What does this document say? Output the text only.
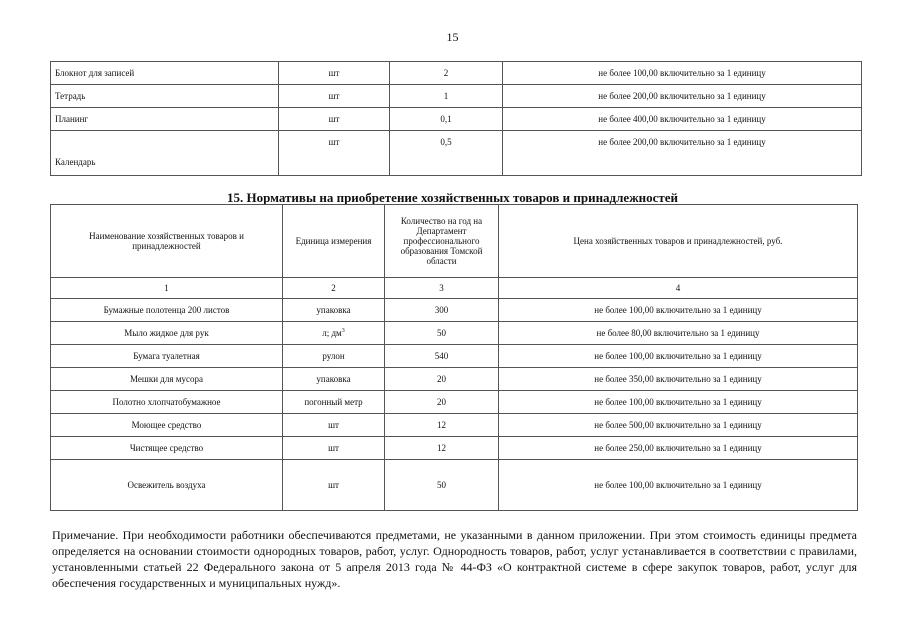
15
Блокнот для записей	шт	2	не более 100,00 включительно за 1 единицу
Тетрадь	шт	1	не более 200,00 включительно за 1 единицу
Планинг	шт	0,1	не более 400,00 включительно за 1 единицу
Календарь	шт	0,5	не более 200,00 включительно за 1 единицу
15. Нормативы на приобретение хозяйственных товаров и принадлежностей
Наименование хозяйственных товаров и принадлежностей	Единица измерения	Количество на год на Департамент профессионального образования Томской области	Цена хозяйственных товаров и принадлежностей, руб.
1	2	3	4
Бумажные полотенца 200 листов	упаковка	300	не более 100,00 включительно за 1 единицу
Мыло жидкое для рук	л; $дм^3$	50	не более 80,00 включительно за 1 единицу
Бумага туалетная	рулон	540	не более 100,00 включительно за 1 единицу
Мешки для мусора	упаковка	20	не более 350,00 включительно за 1 единицу
Полотно хлопчатобумажное	погонный метр	20	не более 100,00 включительно за 1 единицу
Моющее средство	шт	12	не более 500,00 включительно за 1 единицу
Чистящее средство	шт	12	не более 250,00 включительно за 1 единицу
Освежитель воздуха	шт	50	не более 100,00 включительно за 1 единицу
Примечание. При необходимости работники обеспечиваются предметами, не указанными в данном приложении. При этом стоимость единицы предмета определяется на основании стоимости однородных товаров, работ, услуг. Однородность товаров, работ, услуг устанавливается в соответствии с правилами, установленными статьей 22 Федерального закона от 5 апреля 2013 года № 44-ФЗ «О контрактной системе в сфере закупок товаров, работ, услуг для обеспечения государственных и муниципальных нужд».
